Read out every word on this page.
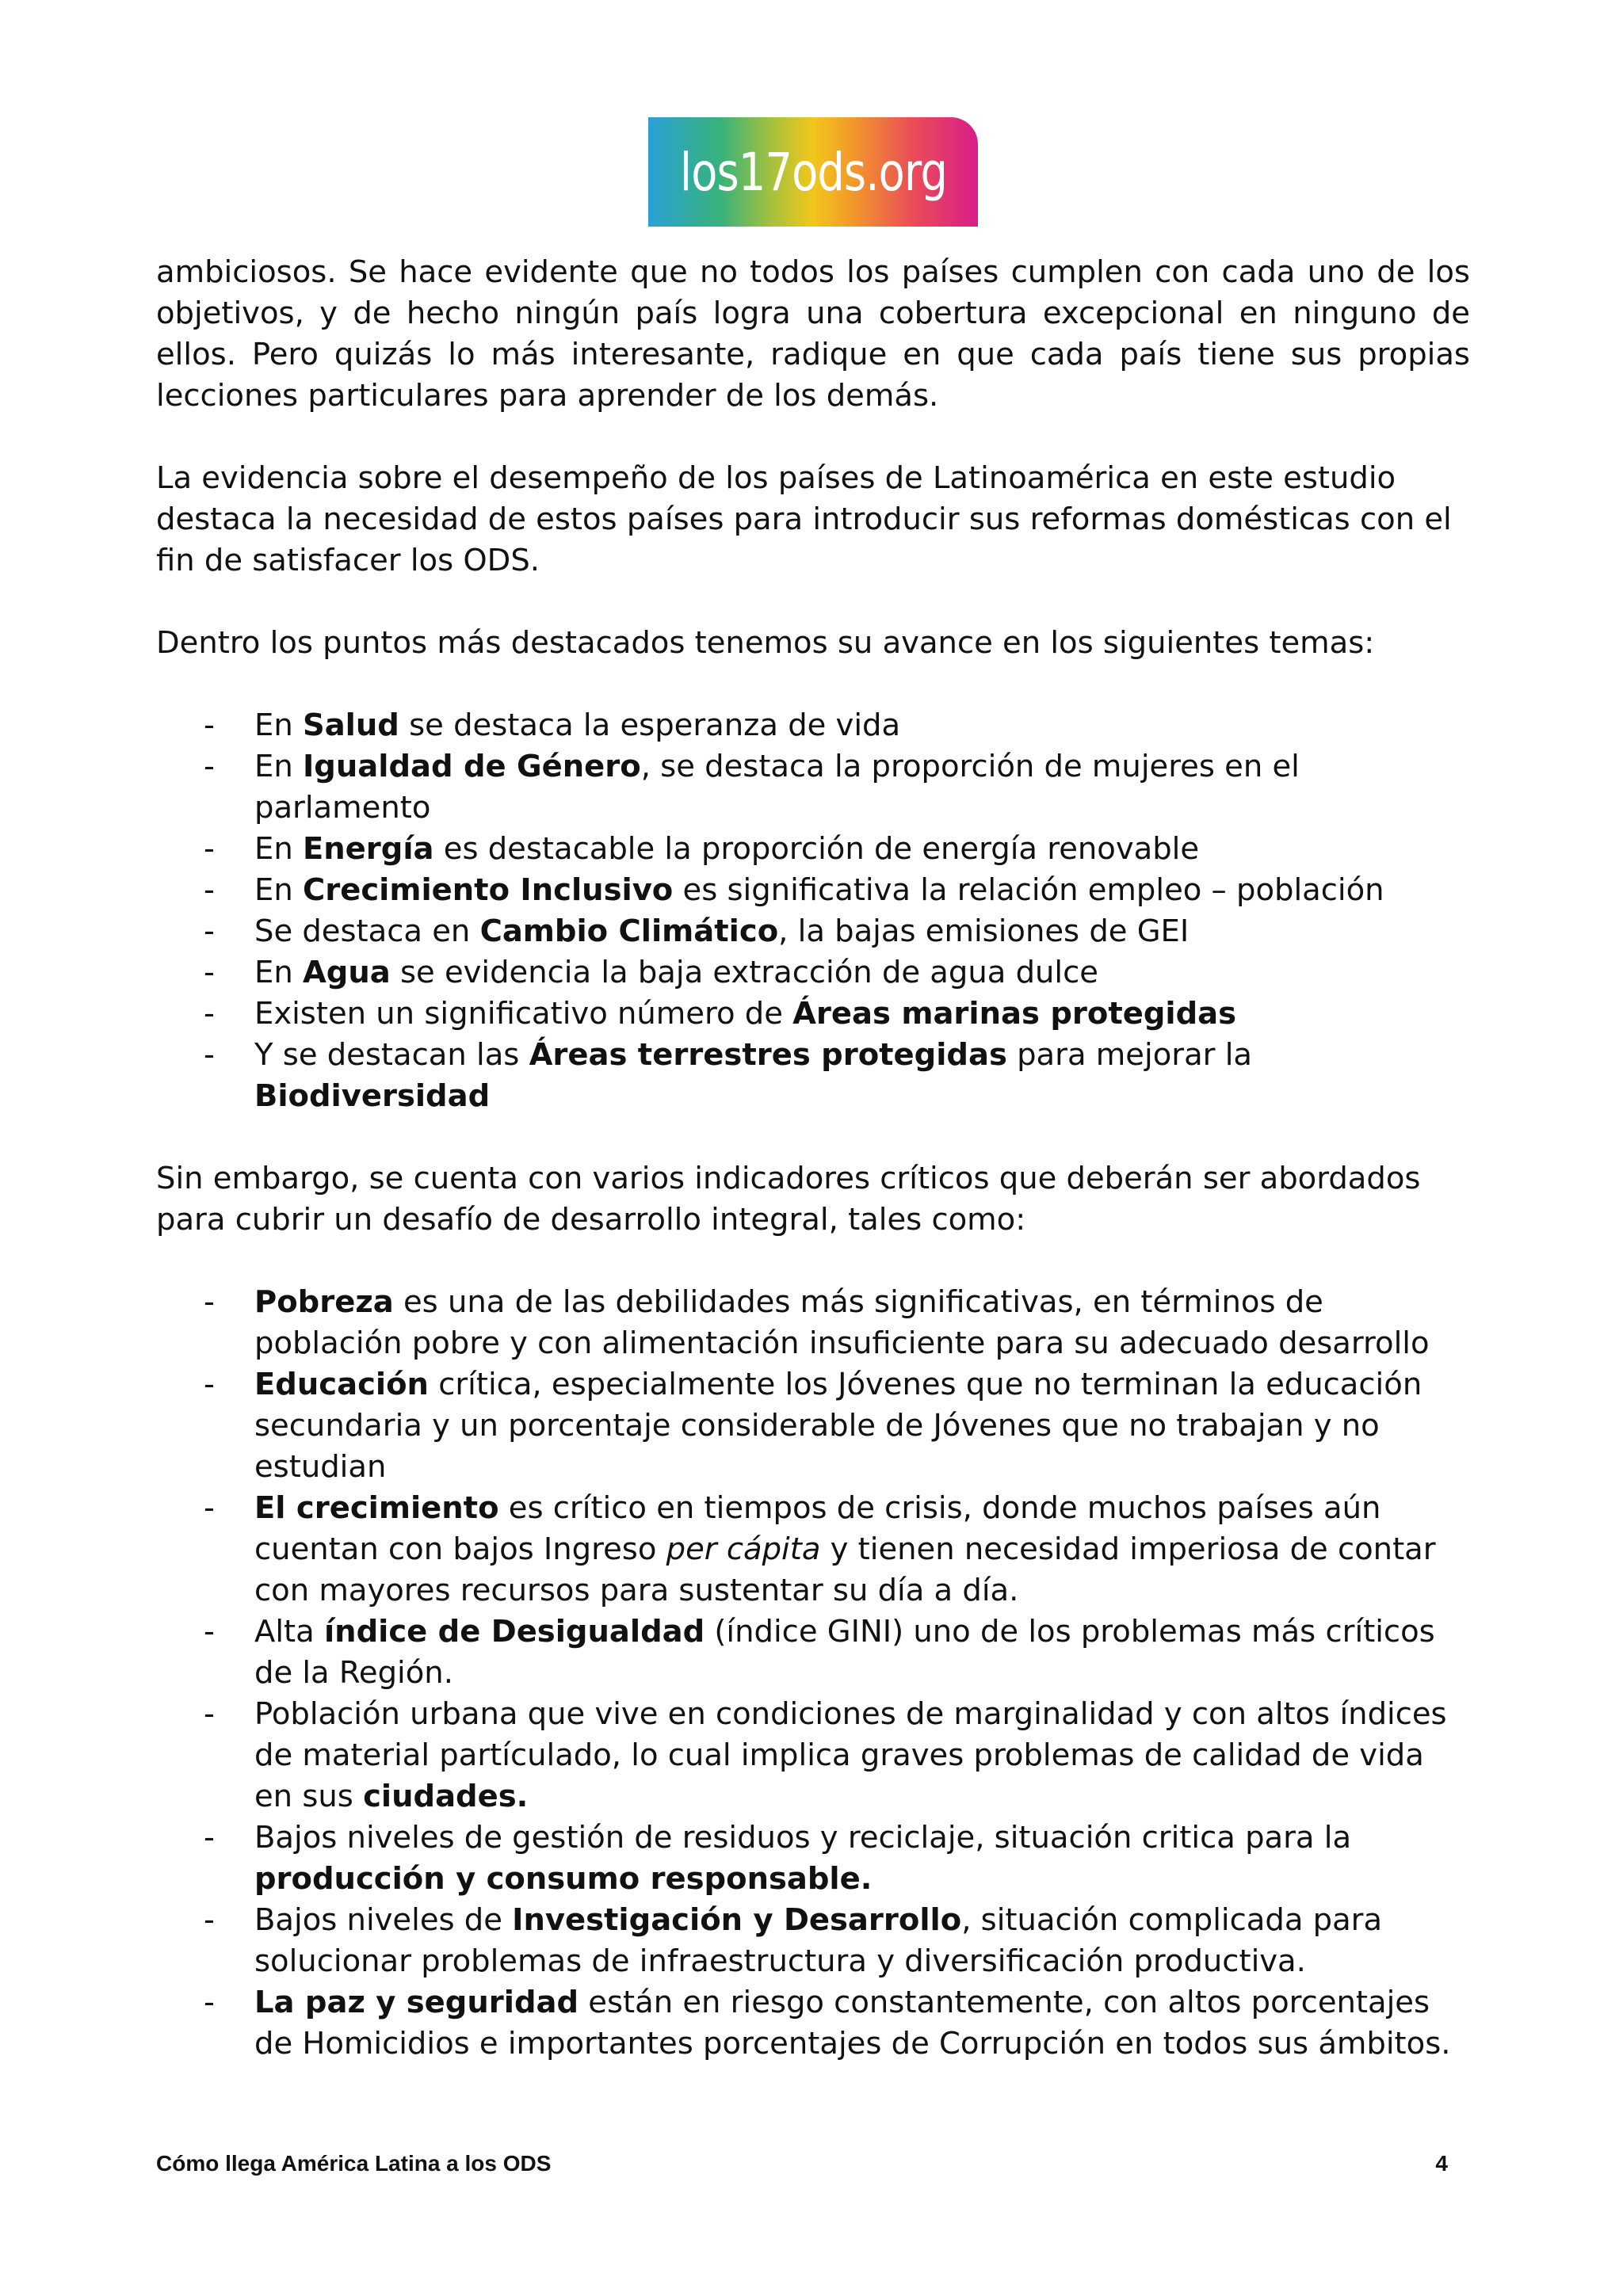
los17ods.org

ambiciosos. Se hace evidente que no todos los países cumplen con cada uno de los objetivos, y de hecho ningún país logra una cobertura excepcional en ninguno de ellos. Pero quizás lo más interesante, radique en que cada país tiene sus propias lecciones particulares para aprender de los demás.

La evidencia sobre el desempeño de los países de Latinoamérica en este estudio destaca la necesidad de estos países para introducir sus reformas domésticas con el fin de satisfacer los ODS.

Dentro los puntos más destacados tenemos su avance en los siguientes temas:

- En Salud se destaca la esperanza de vida
- En Igualdad de Género, se destaca la proporción de mujeres en el parlamento
- En Energía es destacable la proporción de energía renovable
- En Crecimiento Inclusivo es significativa la relación empleo – población
- Se destaca en Cambio Climático, la bajas emisiones de GEI
- En Agua se evidencia la baja extracción de agua dulce
- Existen un significativo número de Áreas marinas protegidas
- Y se destacan las Áreas terrestres protegidas para mejorar la Biodiversidad

Sin embargo, se cuenta con varios indicadores críticos que deberán ser abordados para cubrir un desafío de desarrollo integral, tales como:

- Pobreza es una de las debilidades más significativas, en términos de población pobre y con alimentación insuficiente para su adecuado desarrollo
- Educación crítica, especialmente los Jóvenes que no terminan la educación secundaria y un porcentaje considerable de Jóvenes que no trabajan y no estudian
- El crecimiento es crítico en tiempos de crisis, donde muchos países aún cuentan con bajos Ingreso per cápita y tienen necesidad imperiosa de contar con mayores recursos para sustentar su día a día.
- Alta índice de Desigualdad (índice GINI) uno de los problemas más críticos de la Región.
- Población urbana que vive en condiciones de marginalidad y con altos índices de material partículado, lo cual implica graves problemas de calidad de vida en sus ciudades.
- Bajos niveles de gestión de residuos y reciclaje, situación critica para la producción y consumo responsable.
- Bajos niveles de Investigación y Desarrollo, situación complicada para solucionar problemas de infraestructura y diversificación productiva.
- La paz y seguridad están en riesgo constantemente, con altos porcentajes de Homicidios e importantes porcentajes de Corrupción en todos sus ámbitos.
Cómo llega América Latina a los ODS	4
